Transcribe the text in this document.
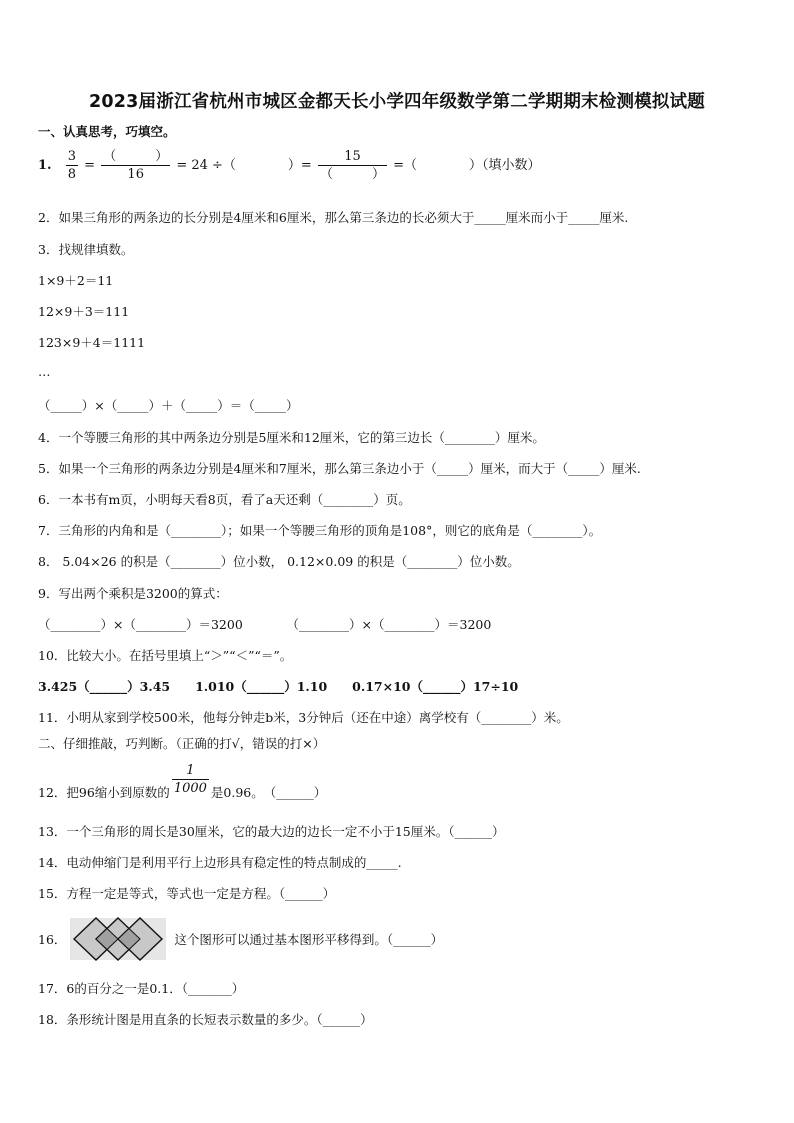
2023届浙江省杭州市城区金都天长小学四年级数学第二学期期末检测模拟试题
一、认真思考，巧填空。
1. $\frac{3}{8} = \frac{( )}{16} = 24$ ÷（　　　　）= $\frac{15}{( )}$ =（　　　　）（填小数）
2．如果三角形的两条边的长分别是4厘米和6厘米，那么第三条边的长必须大于_____厘米而小于_____厘米.
3．找规律填数。
1×9＋2＝11
12×9＋3＝111
123×9＋4＝1111
…
（_____）×（_____）＋（_____）＝（_____）
4．一个等腰三角形的其中两条边分别是5厘米和12厘米，它的第三边长（________）厘米。
5．如果一个三角形的两条边分别是4厘米和7厘米，那么第三条边小于（_____）厘米，而大于（_____）厘米.
6．一本书有m页，小明每天看8页，看了a天还剩（________）页。
7．三角形的内角和是（________）；如果一个等腰三角形的顶角是108°，则它的底角是（________）。
8． 5.04×26 的积是（________）位小数， 0.12×0.09 的积是（________）位小数。
9．写出两个乘积是3200的算式：
（________）×（________）＝3200　　　　（________）×（________）＝3200
10．比较大小。在括号里填上“＞”“＜”“＝”。
3.425（______）3.45　　1.010（______）1.10　　0.17×10（______）17÷10
11．小明从家到学校500米，他每分钟走b米，3分钟后（还在中途）离学校有（________）米。
二、仔细推敲，巧判断。（正确的打√，错误的打×）
12．把96缩小到原数的 $\frac{1}{1000}$ 是0.96。　（______）
13．一个三角形的周长是30厘米，它的最大边的边长一定不小于15厘米。（______）
14．电动伸缩门是利用平行上边形具有稳定性的特点制成的_____.
15．方程一定是等式，等式也一定是方程。（______）
16．	这个图形可以通过基本图形平移得到。（______）
17．6的百分之一是0.1．（_______）
18．条形统计图是用直条的长短表示数量的多少。（______）
